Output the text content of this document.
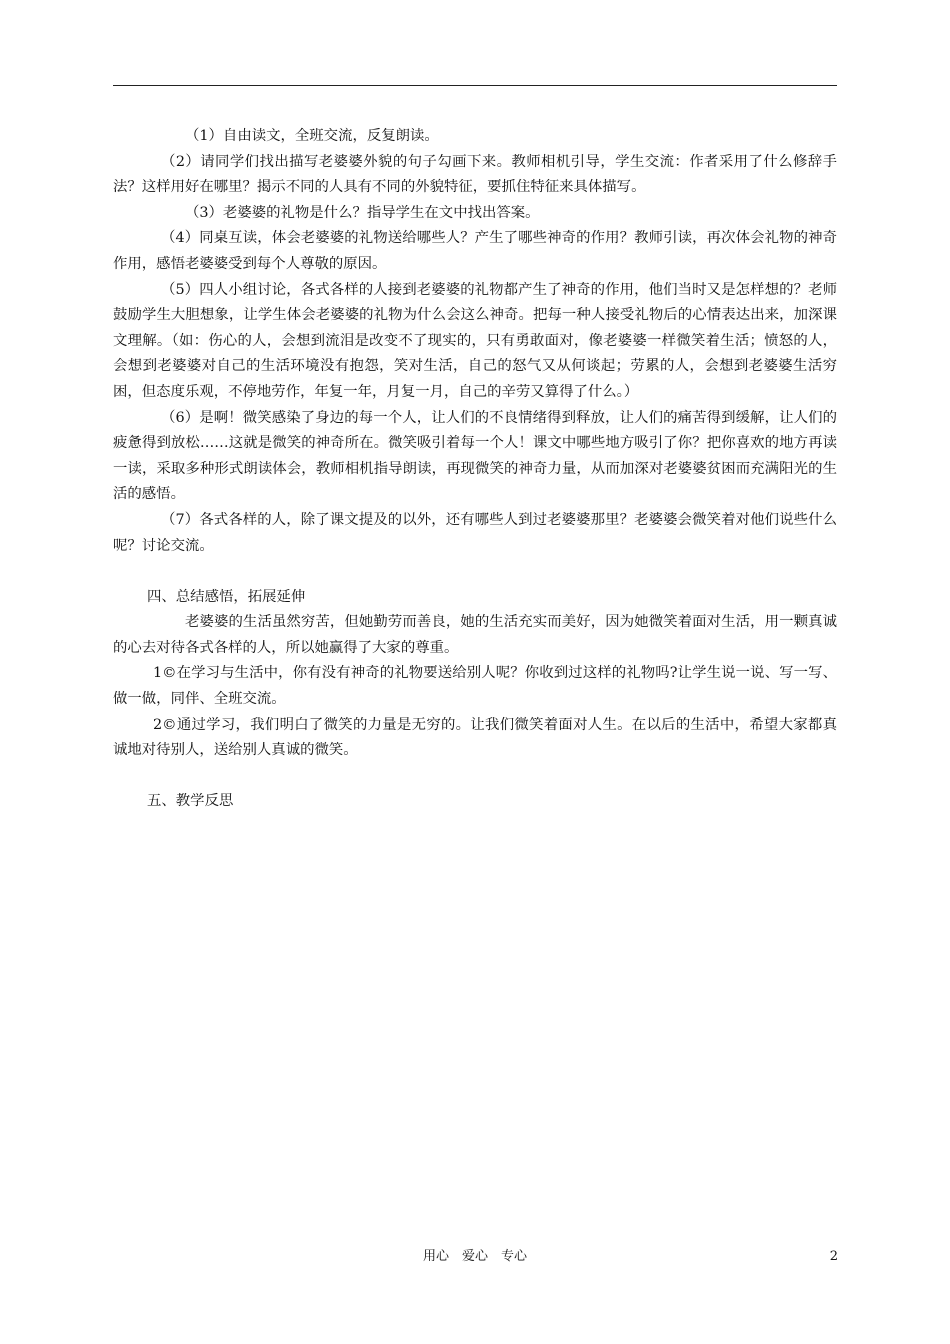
（1）自由读文，全班交流，反复朗读。

（2）请同学们找出描写老婆婆外貌的句子勾画下来。教师相机引导，学生交流：作者采用了什么修辞手法？这样用好在哪里？揭示不同的人具有不同的外貌特征，要抓住特征来具体描写。

（3）老婆婆的礼物是什么？指导学生在文中找出答案。

（4）同桌互读，体会老婆婆的礼物送给哪些人？产生了哪些神奇的作用？教师引读，再次体会礼物的神奇作用，感悟老婆婆受到每个人尊敬的原因。

（5）四人小组讨论，各式各样的人接到老婆婆的礼物都产生了神奇的作用，他们当时又是怎样想的？老师鼓励学生大胆想象，让学生体会老婆婆的礼物为什么会这么神奇。把每一种人接受礼物后的心情表达出来，加深课文理解。（如：伤心的人，会想到流泪是改变不了现实的，只有勇敢面对，像老婆婆一样微笑着生活；愤怒的人，会想到老婆婆对自己的生活环境没有抱怨，笑对生活，自己的怒气又从何谈起；劳累的人，会想到老婆婆生活穷困，但态度乐观，不停地劳作，年复一年，月复一月，自己的辛劳又算得了什么。）

（6）是啊！微笑感染了身边的每一个人，让人们的不良情绪得到释放，让人们的痛苦得到缓解，让人们的疲惫得到放松……这就是微笑的神奇所在。微笑吸引着每一个人！课文中哪些地方吸引了你？把你喜欢的地方再读一读，采取多种形式朗读体会，教师相机指导朗读，再现微笑的神奇力量，从而加深对老婆婆贫困而充满阳光的生活的感悟。

（7）各式各样的人，除了课文提及的以外，还有哪些人到过老婆婆那里？老婆婆会微笑着对他们说些什么呢？讨论交流。

四、总结感悟，拓展延伸

老婆婆的生活虽然穷苦，但她勤劳而善良，她的生活充实而美好，因为她微笑着面对生活，用一颗真诚的心去对待各式各样的人，所以她赢得了大家的尊重。

1©在学习与生活中，你有没有神奇的礼物要送给别人呢？你收到过这样的礼物吗?让学生说一说、写一写、做一做，同伴、全班交流。

2©通过学习，我们明白了微笑的力量是无穷的。让我们微笑着面对人生。在以后的生活中，希望大家都真诚地对待别人，送给别人真诚的微笑。

五、教学反思

用心　爱心　专心	2
